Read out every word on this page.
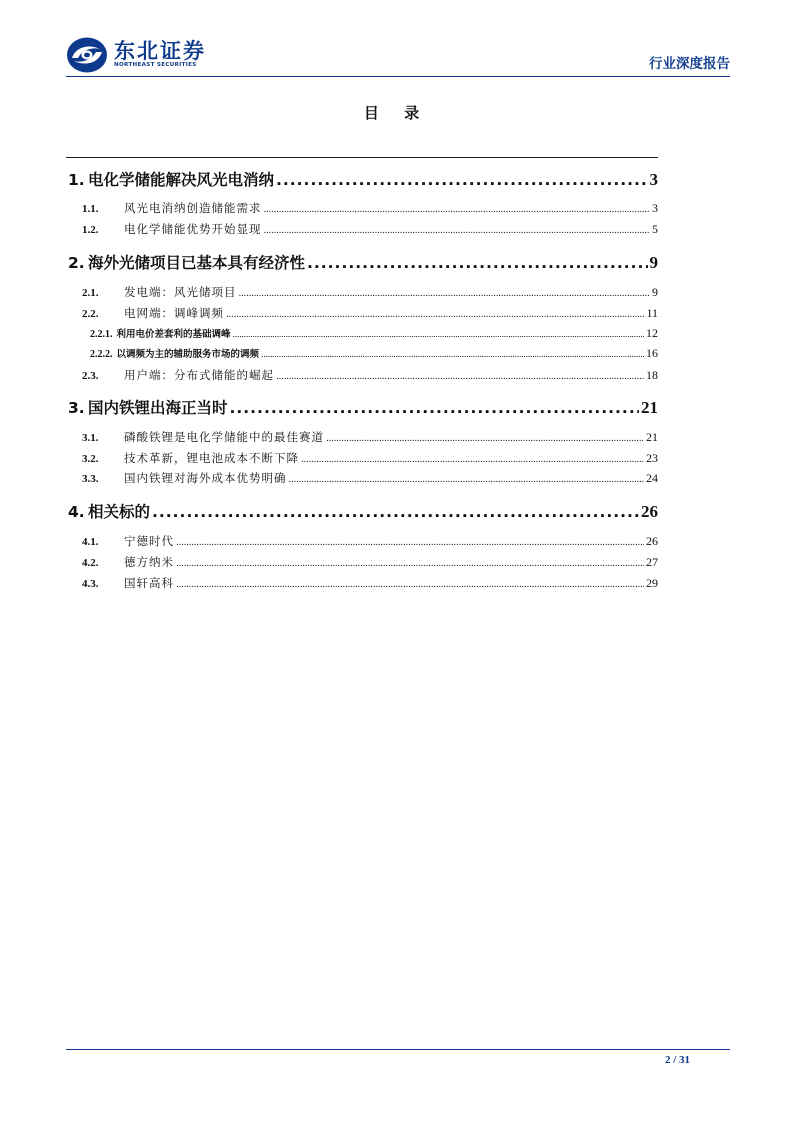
东北证券
NORTHEAST SECURITIES	行业深度报告
目 录
1. 电化学储能解决风光电消纳 . . .	3
1.1.	风光电消纳创造储能需求 . . .	3
1.2.	电化学储能优势开始显现 . . .	5
2. 海外光储项目已基本具有经济性 . . .	9
2.1.	发电端：风光储项目 . . .	9
2.2.	电网端：调峰调频 . . .	11
2.2.1. 利用电价差套利的基础调峰 . . .	12
2.2.2. 以调频为主的辅助服务市场的调频 . . .	16
2.3.	用户端：分布式储能的崛起 . . .	18
3. 国内铁锂出海正当时 . . .	21
3.1.	磷酸铁锂是电化学储能中的最佳赛道 . . .	21
3.2.	技术革新，锂电池成本不断下降 . . .	23
3.3.	国内铁锂对海外成本优势明确 . . .	24
4. 相关标的 . . .	26
4.1.	宁德时代 . . .	26
4.2.	德方纳米 . . .	27
4.3.	国轩高科 . . .	29
2 / 31
